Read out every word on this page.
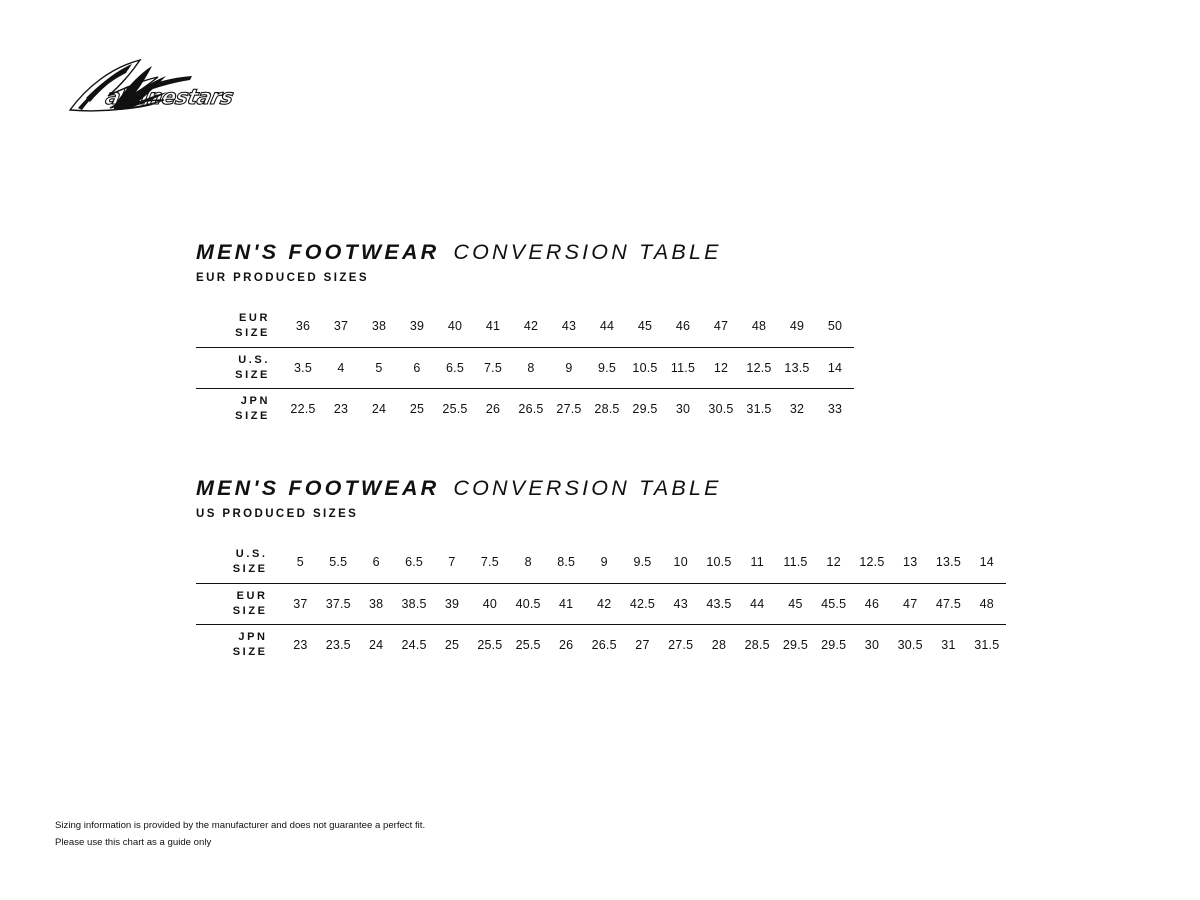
alpinestars
MEN'S FOOTWEAR CONVERSION TABLE
EUR PRODUCED SIZES
EUR
SIZE	36	37	38	39	40	41	42	43	44	45	46	47	48	49	50
U.S.
SIZE	3.5	4	5	6	6.5	7.5	8	9	9.5	10.5	11.5	12	12.5	13.5	14
JPN
SIZE	22.5	23	24	25	25.5	26	26.5	27.5	28.5	29.5	30	30.5	31.5	32	33
MEN'S FOOTWEAR CONVERSION TABLE
US PRODUCED SIZES
U.S.
SIZE	5	5.5	6	6.5	7	7.5	8	8.5	9	9.5	10	10.5	11	11.5	12	12.5	13	13.5	14
EUR
SIZE	37	37.5	38	38.5	39	40	40.5	41	42	42.5	43	43.5	44	45	45.5	46	47	47.5	48
JPN
SIZE	23	23.5	24	24.5	25	25.5	25.5	26	26.5	27	27.5	28	28.5	29.5	29.5	30	30.5	31	31.5
Sizing information is provided by the manufacturer and does not guarantee a perfect fit.
Please use this chart as a guide only
